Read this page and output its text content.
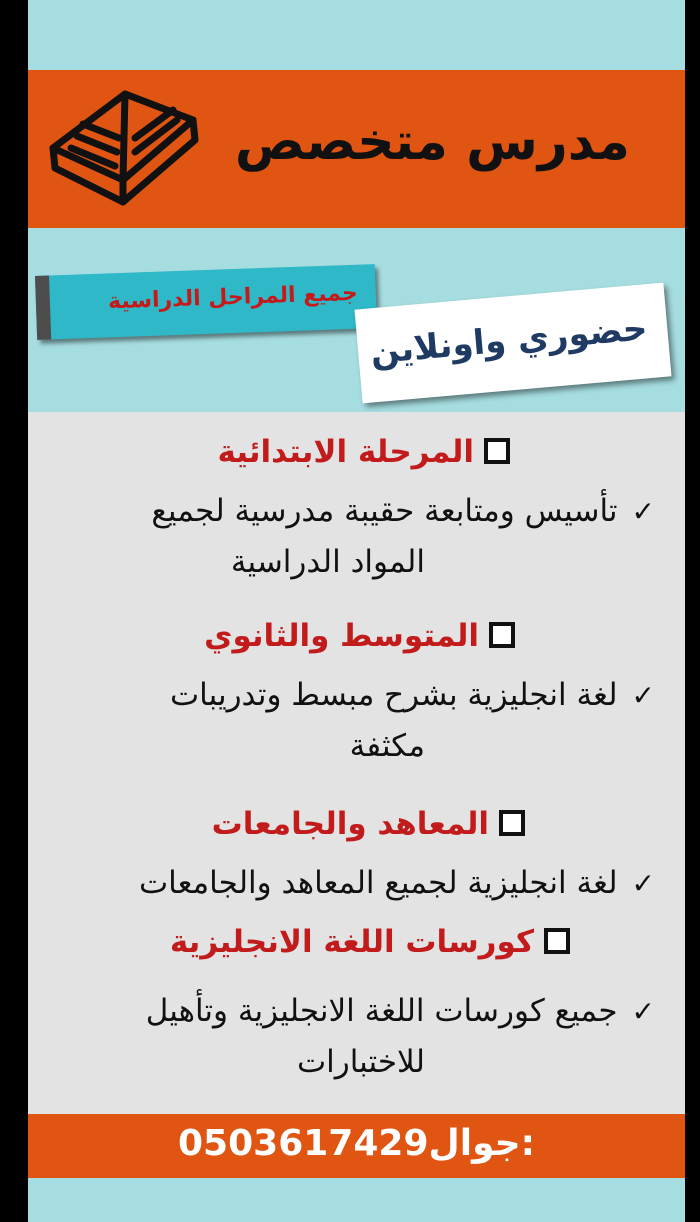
مدرس متخصص
جميع المراحل الدراسية
حضوري واونلاين
المرحلة الابتدائية
✓تأسيس ومتابعة حقيبة مدرسية لجميع
المواد الدراسية
المتوسط والثانوي
✓لغة انجليزية بشرح مبسط وتدريبات
مكثفة
المعاهد والجامعات
✓لغة انجليزية لجميع المعاهد والجامعات
كورسات اللغة الانجليزية
✓جميع كورسات اللغة الانجليزية وتأهيل
للاختبارات
0503617429جوال:
